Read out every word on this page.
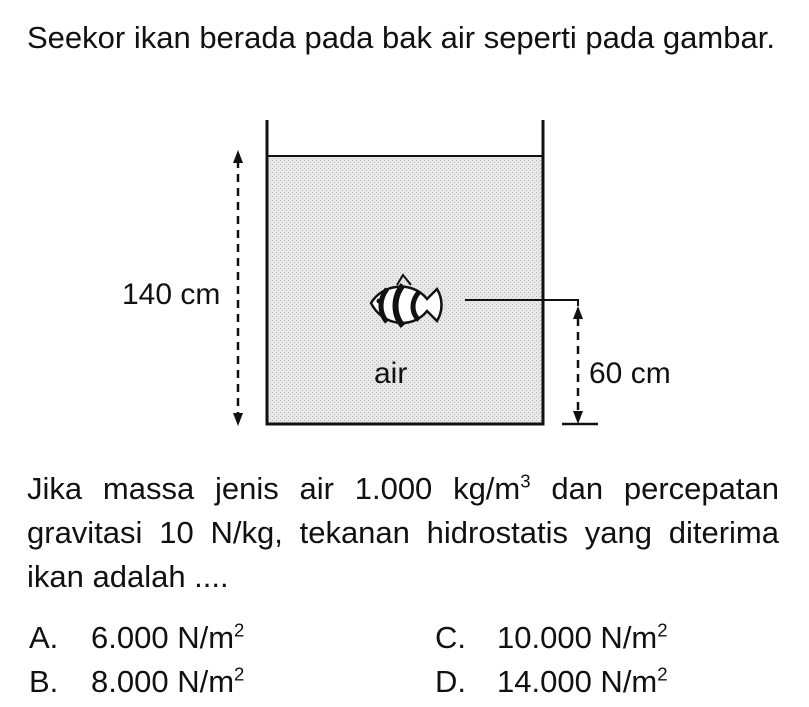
Seekor ikan berada pada bak air seperti pada gambar.

140 cm
air	60 cm

Jika massa jenis air 1.000 $kg/m^3$ dan percepatan gravitasi 10 N/kg, tekanan hidrostatis yang diterima ikan adalah ....

A. 6.000 $N/m^2$
B. 8.000 $N/m^2$
C. 10.000 $N/m^2$
D. 14.000 $N/m^2$
